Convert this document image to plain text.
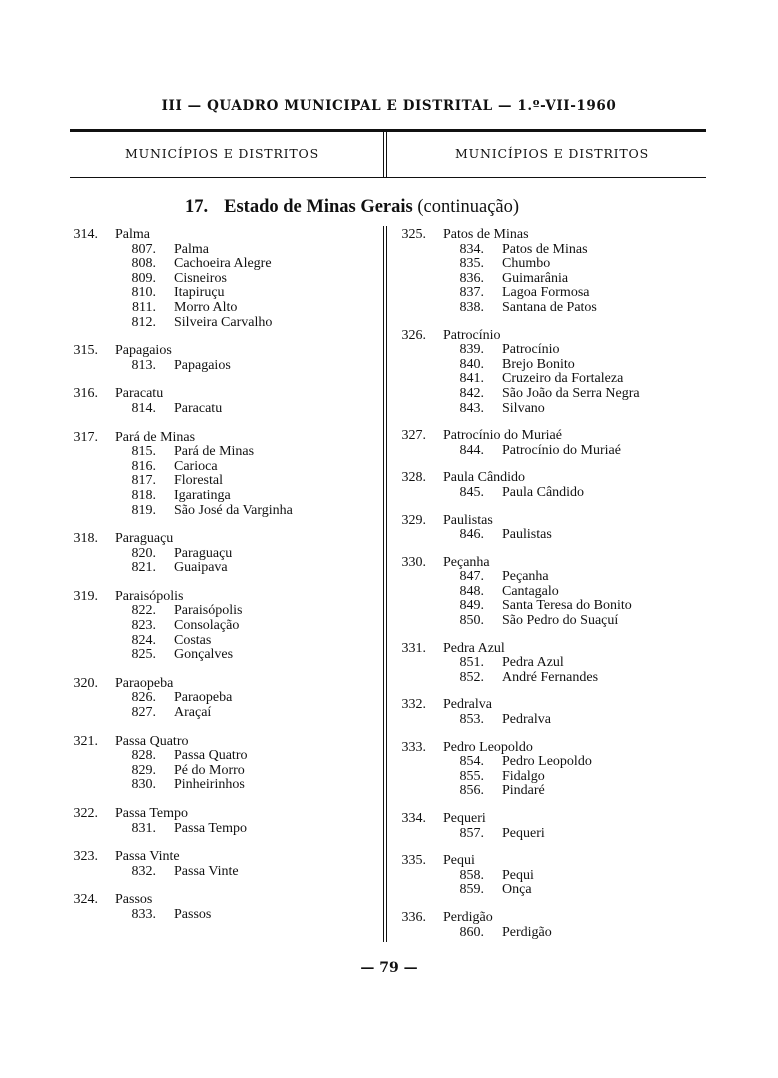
III — QUADRO MUNICIPAL E DISTRITAL — 1.º-VII-1960
MUNICÍPIOS E DISTRITOS	MUNICÍPIOS E DISTRITOS
17. Estado de Minas Gerais (continuação)
314. Palma
807. Palma
808. Cachoeira Alegre
809. Cisneiros
810. Itapiruçu
811. Morro Alto
812. Silveira Carvalho
315. Papagaios
813. Papagaios
316. Paracatu
814. Paracatu
317. Pará de Minas
815. Pará de Minas
816. Carioca
817. Florestal
818. Igaratinga
819. São José da Varginha
318. Paraguaçu
820. Paraguaçu
821. Guaipava
319. Paraisópolis
822. Paraisópolis
823. Consolação
824. Costas
825. Gonçalves
320. Paraopeba
826. Paraopeba
827. Araçaí
321. Passa Quatro
828. Passa Quatro
829. Pé do Morro
830. Pinheirinhos
322. Passa Tempo
831. Passa Tempo
323. Passa Vinte
832. Passa Vinte
324. Passos
833. Passos
325. Patos de Minas
834. Patos de Minas
835. Chumbo
836. Guimarânia
837. Lagoa Formosa
838. Santana de Patos
326. Patrocínio
839. Patrocínio
840. Brejo Bonito
841. Cruzeiro da Fortaleza
842. São João da Serra Negra
843. Silvano
327. Patrocínio do Muriaé
844. Patrocínio do Muriaé
328. Paula Cândido
845. Paula Cândido
329. Paulistas
846. Paulistas
330. Peçanha
847. Peçanha
848. Cantagalo
849. Santa Teresa do Bonito
850. São Pedro do Suaçuí
331. Pedra Azul
851. Pedra Azul
852. André Fernandes
332. Pedralva
853. Pedralva
333. Pedro Leopoldo
854. Pedro Leopoldo
855. Fidalgo
856. Pindaré
334. Pequeri
857. Pequeri
335. Pequi
858. Pequi
859. Onça
336. Perdigão
860. Perdigão
— 79 —
